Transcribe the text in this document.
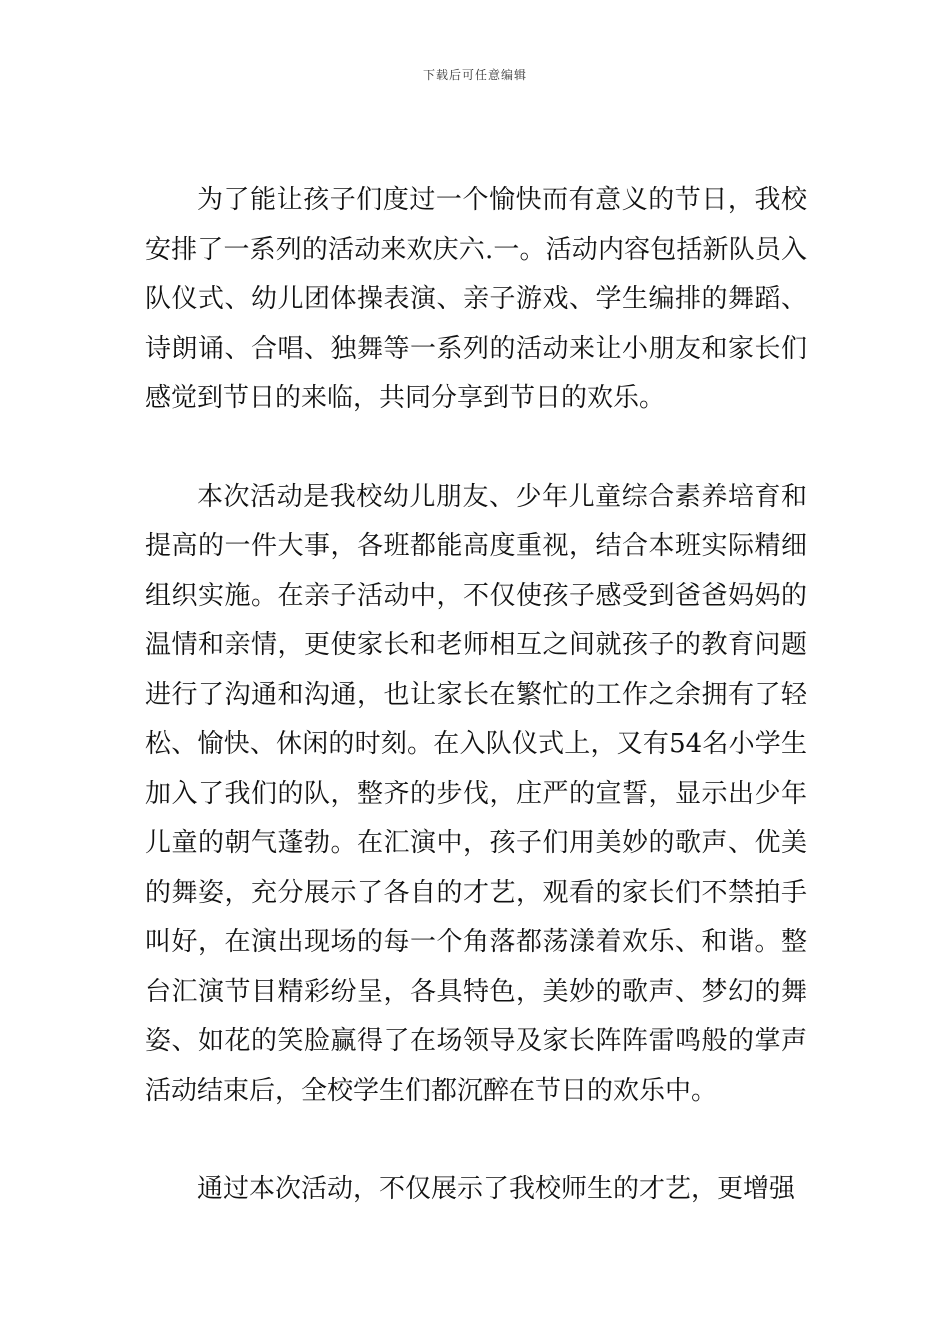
下载后可任意编辑

为了能让孩子们度过一个愉快而有意义的节日，我校安排了一系列的活动来欢庆六.一。活动内容包括新队员入队仪式、幼儿团体操表演、亲子游戏、学生编排的舞蹈、诗朗诵、合唱、独舞等一系列的活动来让小朋友和家长们感觉到节日的来临，共同分享到节日的欢乐。

本次活动是我校幼儿朋友、少年儿童综合素养培育和提高的一件大事，各班都能高度重视，结合本班实际精细组织实施。在亲子活动中，不仅使孩子感受到爸爸妈妈的温情和亲情，更使家长和老师相互之间就孩子的教育问题进行了沟通和沟通，也让家长在繁忙的工作之余拥有了轻松、愉快、休闲的时刻。在入队仪式上，又有54名小学生加入了我们的队，整齐的步伐，庄严的宣誓，显示出少年儿童的朝气蓬勃。在汇演中，孩子们用美妙的歌声、优美的舞姿，充分展示了各自的才艺，观看的家长们不禁拍手叫好，在演出现场的每一个角落都荡漾着欢乐、和谐。整台汇演节目精彩纷呈，各具特色，美妙的歌声、梦幻的舞姿、如花的笑脸赢得了在场领导及家长阵阵雷鸣般的掌声活动结束后，全校学生们都沉醉在节日的欢乐中。

通过本次活动，不仅展示了我校师生的才艺，更增强
